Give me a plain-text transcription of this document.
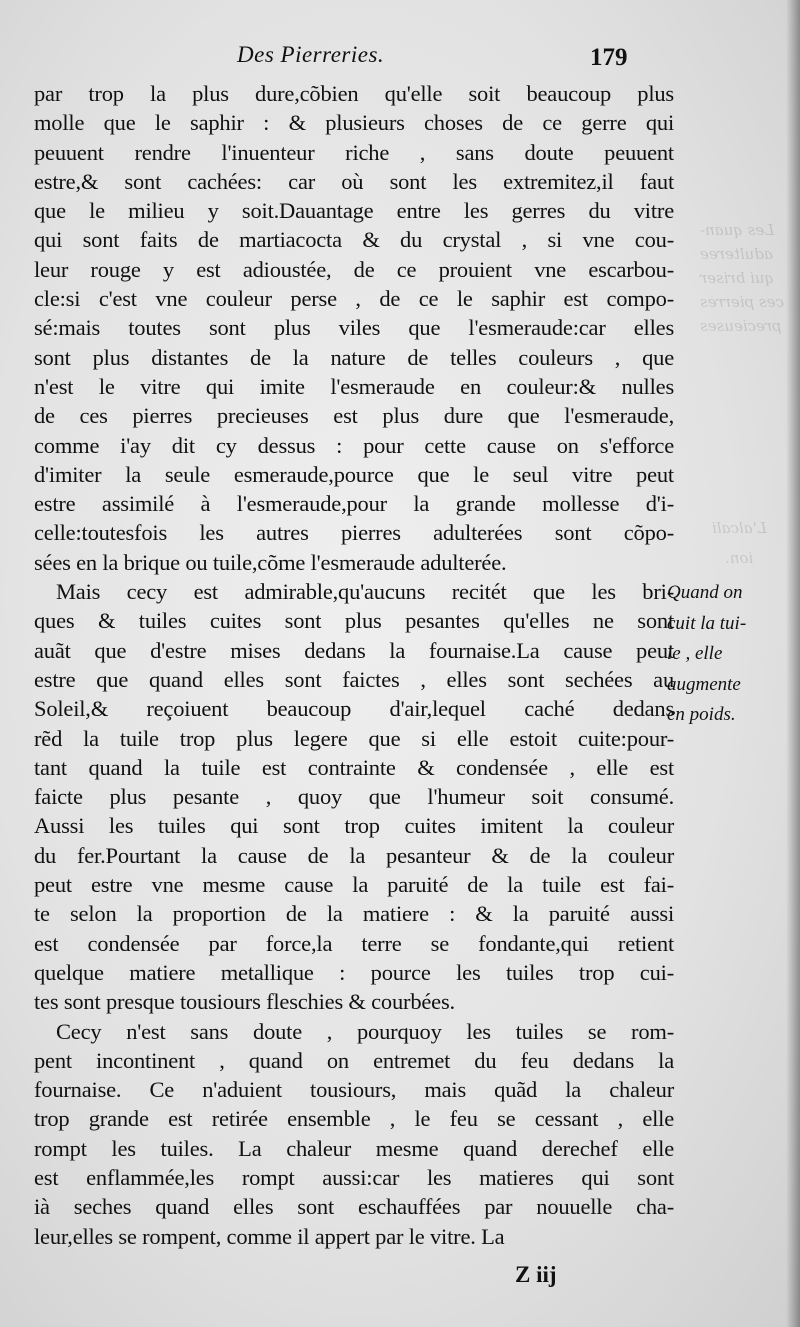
Les quan-
adulteree
qui briser
ces pierres
precieuses
L'alcali
ion.
Des Pierreries.	179
par trop la plus dure,cõbien qu'elle soit beaucoup plus
molle que le saphir : & plusieurs choses de ce gerre qui
peuuent rendre l'inuenteur riche , sans doute peuuent
estre,& sont cachées: car où sont les extremitez,il faut
que le milieu y soit.Dauantage entre les gerres du vitre
qui sont faits de martiacocta & du crystal , si vne cou-
leur rouge y est adioustée, de ce prouient vne escarbou-
cle:si c'est vne couleur perse , de ce le saphir est compo-
sé:mais toutes sont plus viles que l'esmeraude:car elles
sont plus distantes de la nature de telles couleurs , que
n'est le vitre qui imite l'esmeraude en couleur:& nulles
de ces pierres precieuses est plus dure que l'esmeraude,
comme i'ay dit cy dessus : pour cette cause on s'efforce
d'imiter la seule esmeraude,pource que le seul vitre peut
estre assimilé à l'esmeraude,pour la grande mollesse d'i-
celle:toutesfois les autres pierres adulterées sont cõpo-
sées en la brique ou tuile,cõme l'esmeraude adulterée.
Mais cecy est admirable,qu'aucuns recitét que les bri-
ques & tuiles cuites sont plus pesantes qu'elles ne sont
auãt que d'estre mises dedans la fournaise.La cause peut
estre que quand elles sont faictes , elles sont sechées au
Soleil,& reçoiuent beaucoup d'air,lequel caché dedans
rẽd la tuile trop plus legere que si elle estoit cuite:pour-
tant quand la tuile est contrainte & condensée , elle est
faicte plus pesante , quoy que l'humeur soit consumé.
Aussi les tuiles qui sont trop cuites imitent la couleur
du fer.Pourtant la cause de la pesanteur & de la couleur
peut estre vne mesme cause la paruité de la tuile est fai-
te selon la proportion de la matiere : & la paruité aussi
est condensée par force,la terre se fondante,qui retient
quelque matiere metallique : pource les tuiles trop cui-
tes sont presque tousiours fleschies & courbées.
Cecy n'est sans doute , pourquoy les tuiles se rom-
pent incontinent , quand on entremet du feu dedans la
fournaise. Ce n'aduient tousiours, mais quãd la chaleur
trop grande est retirée ensemble , le feu se cessant , elle
rompt les tuiles. La chaleur mesme quand derechef elle
est enflammée,les rompt aussi:car les matieres qui sont
ià seches quand elles sont eschauffées par nouuelle cha-
leur,elles se rompent, comme il appert par le vitre. La
Quand on
cuit la tui-
le , elle
augmente
en poids.
Z iij
